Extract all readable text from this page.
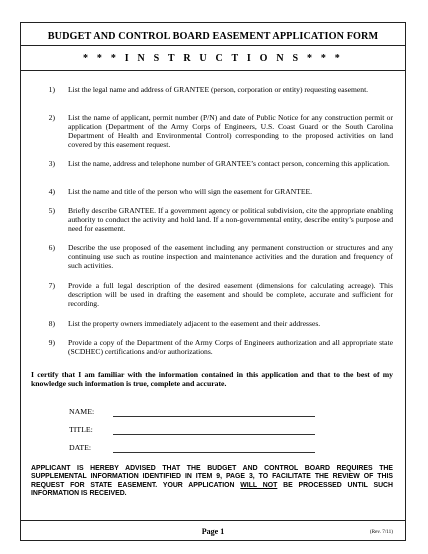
BUDGET AND CONTROL BOARD EASEMENT APPLICATION FORM
* * * I N S T R U C T I O N S * * *
1) List the legal name and address of GRANTEE (person, corporation or entity) requesting easement.
2) List the name of applicant, permit number (P/N) and date of Public Notice for any construction permit or application (Department of the Army Corps of Engineers, U.S. Coast Guard or the South Carolina Department of Health and Environmental Control) corresponding to the proposed activities on land covered by this easement request.
3) List the name, address and telephone number of GRANTEE’s contact person, concerning this application.
4) List the name and title of the person who will sign the easement for GRANTEE.
5) Briefly describe GRANTEE. If a government agency or political subdivision, cite the appropriate enabling authority to conduct the activity and hold land. If a non-governmental entity, describe entity’s purpose and need for easement.
6) Describe the use proposed of the easement including any permanent construction or structures and any continuing use such as routine inspection and maintenance activities and the duration and frequency of such activities.
7) Provide a full legal description of the desired easement (dimensions for calculating acreage). This description will be used in drafting the easement and should be complete, accurate and sufficient for recording.
8) List the property owners immediately adjacent to the easement and their addresses.
9) Provide a copy of the Department of the Army Corps of Engineers authorization and all appropriate state (SCDHEC) certifications and/or authorizations.
I certify that I am familiar with the information contained in this application and that to the best of my knowledge such information is true, complete and accurate.
NAME:
TITLE:
DATE:
APPLICANT IS HEREBY ADVISED THAT THE BUDGET AND CONTROL BOARD REQUIRES THE SUPPLEMENTAL INFORMATION IDENTIFIED IN ITEM 9, PAGE 3, TO FACILITATE THE REVIEW OF THIS REQUEST FOR STATE EASEMENT. YOUR APPLICATION WILL NOT BE PROCESSED UNTIL SUCH INFORMATION IS RECEIVED.
Page 1	(Rev. 7/11)
